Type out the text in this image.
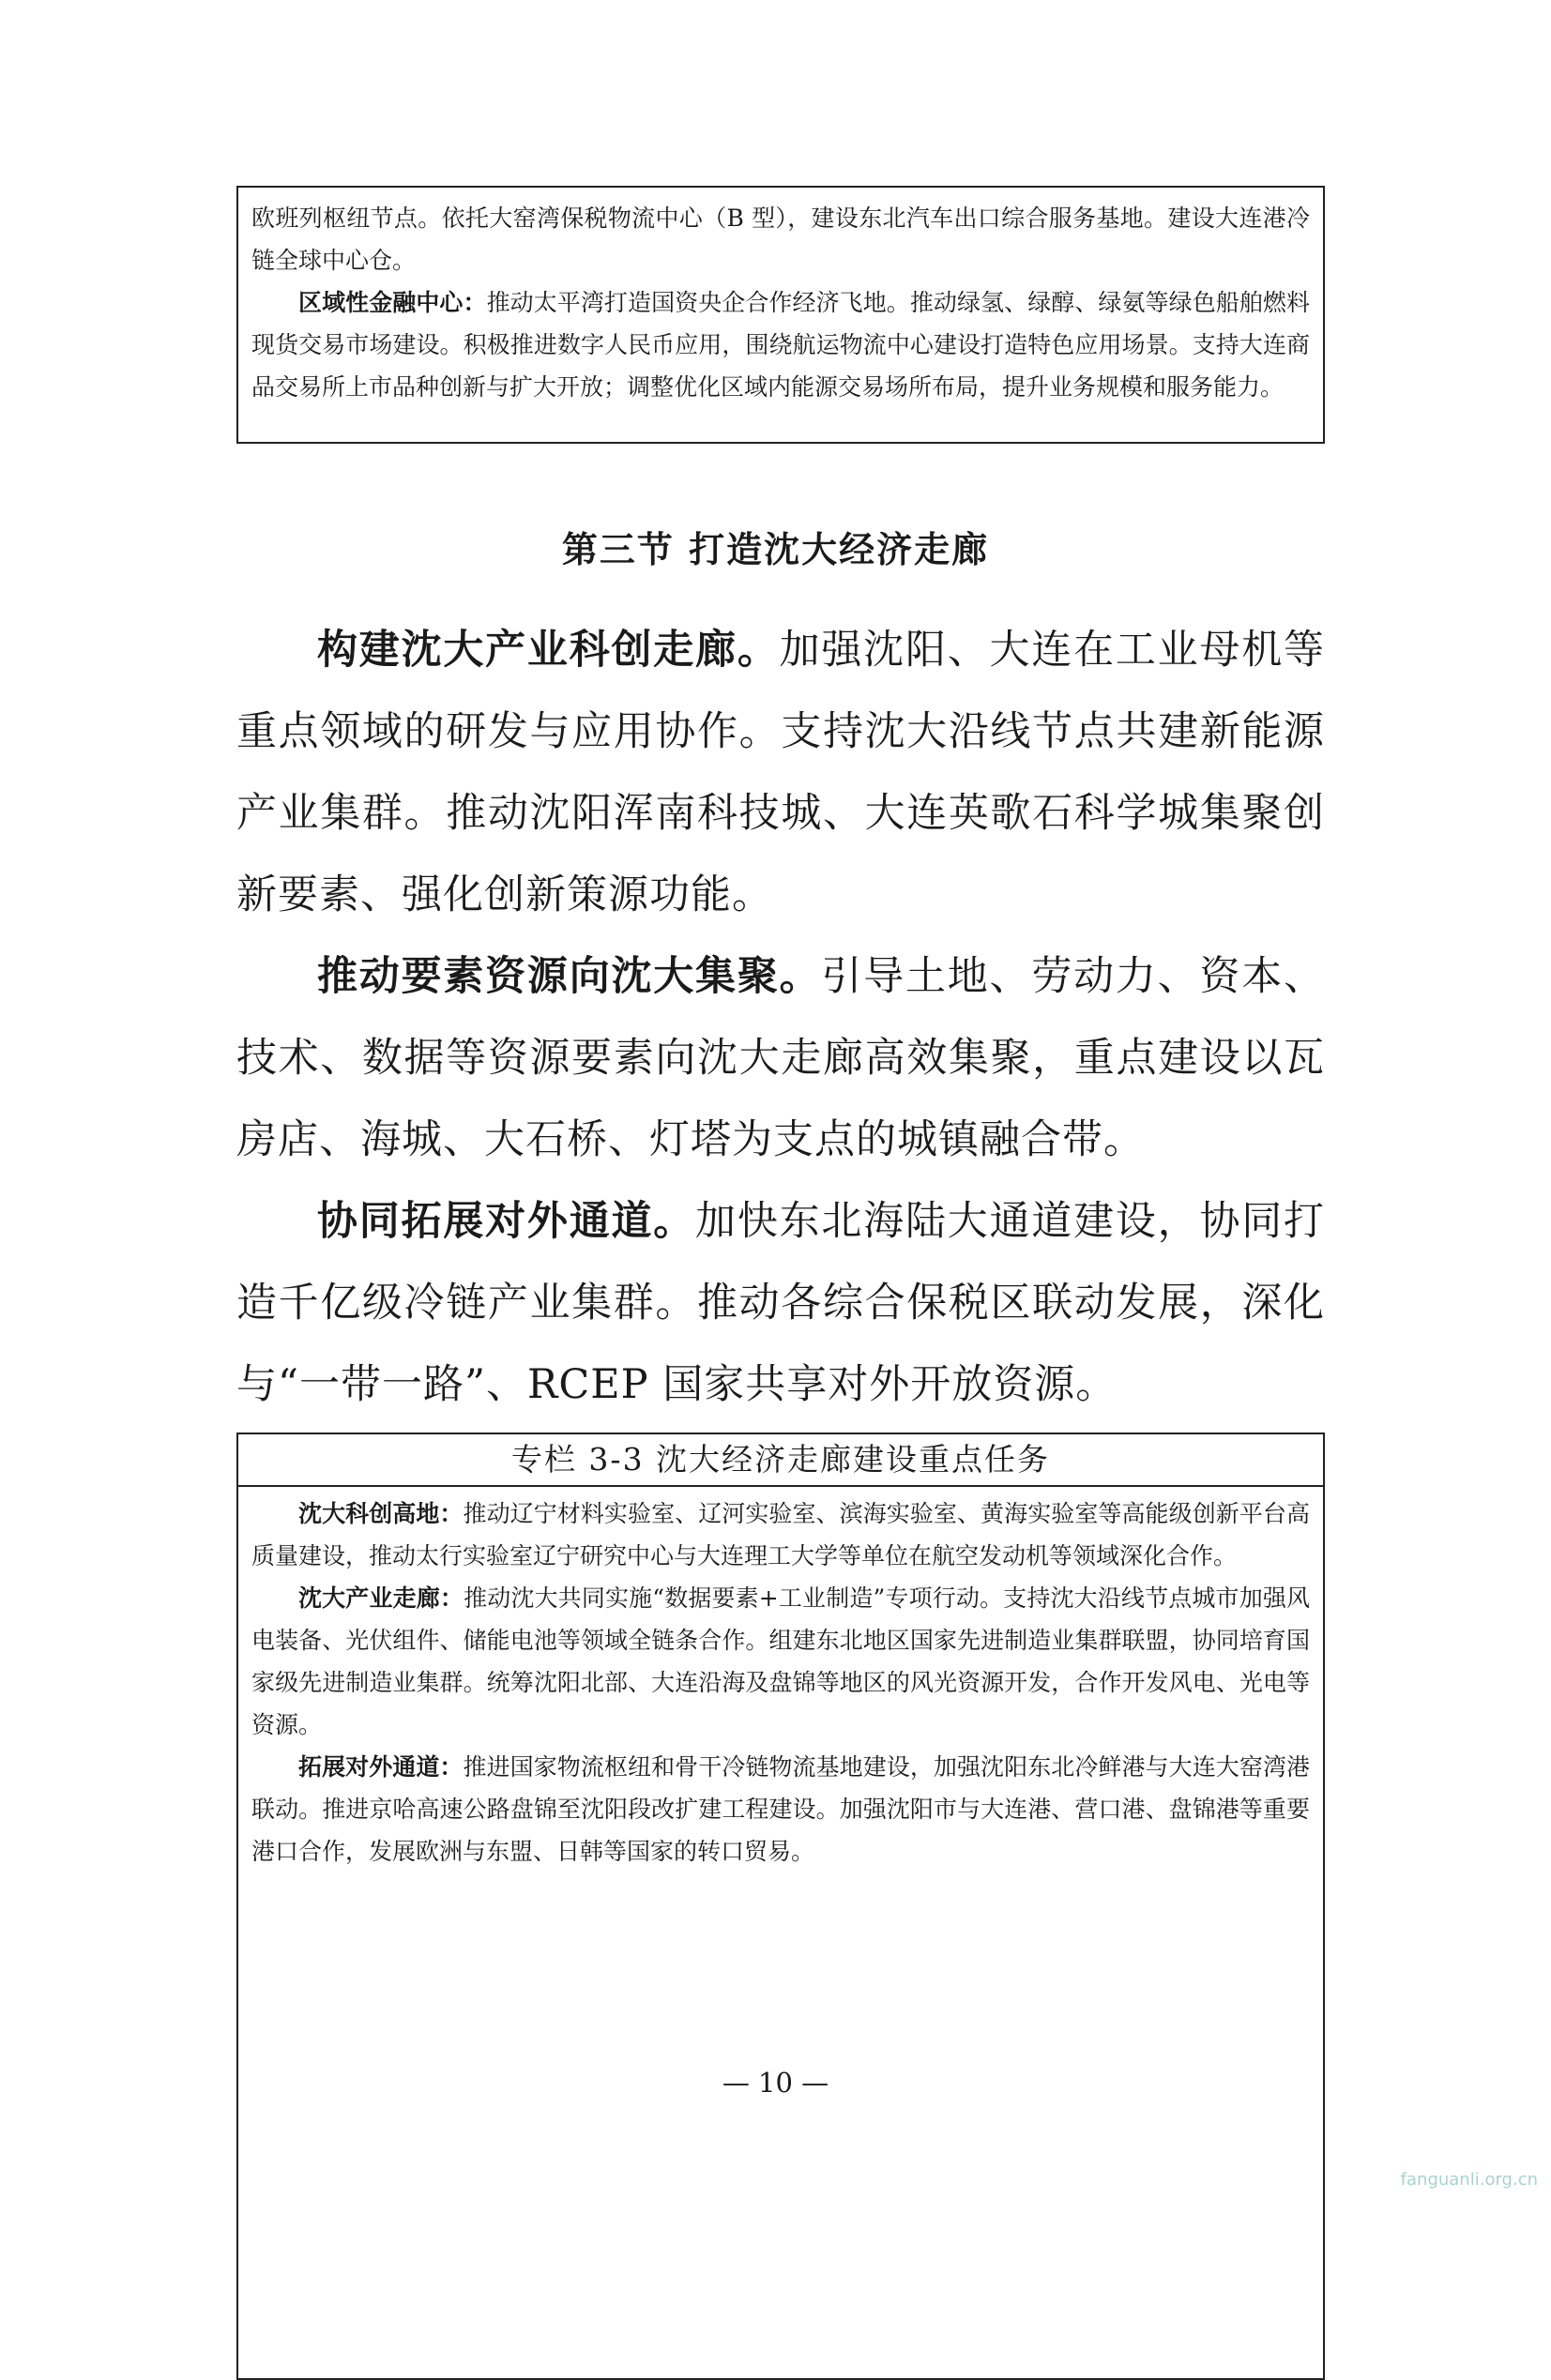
欧班列枢纽节点。依托大窑湾保税物流中心（B 型），建设东北汽车出口综合服务基地。建设大连港冷链全球中心仓。

区域性金融中心：推动太平湾打造国资央企合作经济飞地。推动绿氢、绿醇、绿氨等绿色船舶燃料现货交易市场建设。积极推进数字人民币应用，围绕航运物流中心建设打造特色应用场景。支持大连商品交易所上市品种创新与扩大开放；调整优化区域内能源交易场所布局，提升业务规模和服务能力。

第三节 打造沈大经济走廊

构建沈大产业科创走廊。加强沈阳、大连在工业母机等重点领域的研发与应用协作。支持沈大沿线节点共建新能源产业集群。推动沈阳浑南科技城、大连英歌石科学城集聚创新要素、强化创新策源功能。

推动要素资源向沈大集聚。引导土地、劳动力、资本、技术、数据等资源要素向沈大走廊高效集聚，重点建设以瓦房店、海城、大石桥、灯塔为支点的城镇融合带。

协同拓展对外通道。加快东北海陆大通道建设，协同打造千亿级冷链产业集群。推动各综合保税区联动发展，深化与“一带一路”、RCEP 国家共享对外开放资源。

专栏 3-3 沈大经济走廊建设重点任务

沈大科创高地：推动辽宁材料实验室、辽河实验室、滨海实验室、黄海实验室等高能级创新平台高质量建设，推动太行实验室辽宁研究中心与大连理工大学等单位在航空发动机等领域深化合作。

沈大产业走廊：推动沈大共同实施“数据要素+工业制造”专项行动。支持沈大沿线节点城市加强风电装备、光伏组件、储能电池等领域全链条合作。组建东北地区国家先进制造业集群联盟，协同培育国家级先进制造业集群。统筹沈阳北部、大连沿海及盘锦等地区的风光资源开发，合作开发风电、光电等资源。

拓展对外通道：推进国家物流枢纽和骨干冷链物流基地建设，加强沈阳东北冷鲜港与大连大窑湾港联动。推进京哈高速公路盘锦至沈阳段改扩建工程建设。加强沈阳市与大连港、营口港、盘锦港等重要港口合作，发展欧洲与东盟、日韩等国家的转口贸易。

— 10 —
fanguanli.org.cn
